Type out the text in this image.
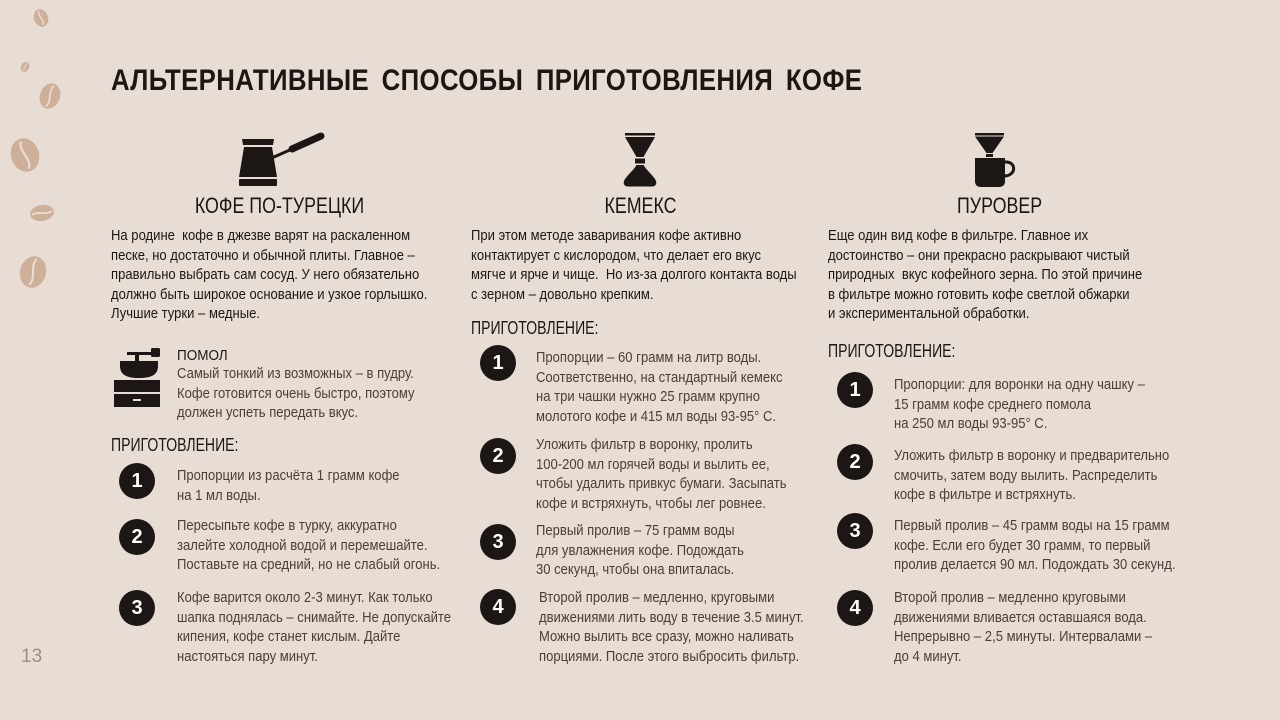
АЛЬТЕРНАТИВНЫЕ СПОСОБЫ ПРИГОТОВЛЕНИЯ КОФЕ
КОФЕ ПО-ТУРЕЦКИ
На родине  кофе в джезве варят на раскаленном
песке, но достаточно и обычной плиты. Главное –
правильно выбрать сам сосуд. У него обязательно
должно быть широкое основание и узкое горлышко.
Лучшие турки – медные.
ПОМОЛ
Самый тонкий из возможных – в пудру.
Кофе готовится очень быстро, поэтому
должен успеть передать вкус.
ПРИГОТОВЛЕНИЕ:
1 Пропорции из расчёта 1 грамм кофе
на 1 мл воды.
2 Пересыпьте кофе в турку, аккуратно
залейте холодной водой и перемешайте.
Поставьте на средний, но не слабый огонь.
3 Кофе варится около 2-3 минут. Как только
шапка поднялась – снимайте. Не допускайте
кипения, кофе станет кислым. Дайте
настояться пару минут.
КЕМЕКС
При этом методе заваривания кофе активно
контактирует с кислородом, что делает его вкус
мягче и ярче и чище.  Но из-за долгого контакта воды
с зерном – довольно крепким.
ПРИГОТОВЛЕНИЕ:
1 Пропорции – 60 грамм на литр воды.
Соответственно, на стандартный кемекс
на три чашки нужно 25 грамм крупно
молотого кофе и 415 мл воды 93-95° С.
2 Уложить фильтр в воронку, пролить
100-200 мл горячей воды и вылить ее,
чтобы удалить привкус бумаги. Засыпать
кофе и встряхнуть, чтобы лег ровнее.
3 Первый пролив – 75 грамм воды
для увлажнения кофе. Подождать
30 секунд, чтобы она впиталась.
4 Второй пролив – медленно, круговыми
движениями лить воду в течение 3.5 минут.
Можно вылить все сразу, можно наливать
порциями. После этого выбросить фильтр.
ПУРОВЕР
Еще один вид кофе в фильтре. Главное их
достоинство – они прекрасно раскрывают чистый
природных  вкус кофейного зерна. По этой причине
в фильтре можно готовить кофе светлой обжарки
и экспериментальной обработки.
ПРИГОТОВЛЕНИЕ:
1 Пропорции: для воронки на одну чашку –
15 грамм кофе среднего помола
на 250 мл воды 93-95° С.
2 Уложить фильтр в воронку и предварительно
смочить, затем воду вылить. Распределить
кофе в фильтре и встряхнуть.
3 Первый пролив – 45 грамм воды на 15 грамм
кофе. Если его будет 30 грамм, то первый
пролив делается 90 мл. Подождать 30 секунд.
4 Второй пролив – медленно круговыми
движениями вливается оставшаяся вода.
Непрерывно – 2,5 минуты. Интервалами –
до 4 минут.
13
